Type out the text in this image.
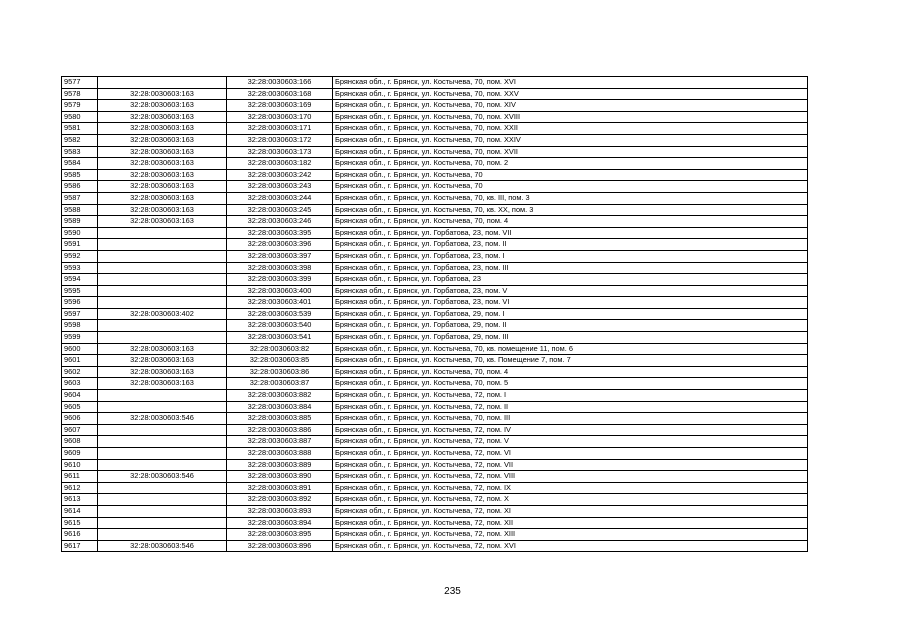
9577		32:28:0030603:166	Брянская обл., г. Брянск, ул. Костычева, 70, пом. XVI
9578	32:28:0030603:163	32:28:0030603:168	Брянская обл., г. Брянск, ул. Костычева, 70, пом. XXV
9579	32:28:0030603:163	32:28:0030603:169	Брянская обл., г. Брянск, ул. Костычева, 70, пом. XIV
9580	32:28:0030603:163	32:28:0030603:170	Брянская обл., г. Брянск, ул. Костычева, 70, пом. XVIII
9581	32:28:0030603:163	32:28:0030603:171	Брянская обл., г. Брянск, ул. Костычева, 70, пом. XXII
9582	32:28:0030603:163	32:28:0030603:172	Брянская обл., г. Брянск, ул. Костычева, 70, пом. XXIV
9583	32:28:0030603:163	32:28:0030603:173	Брянская обл., г. Брянск, ул. Костычева, 70, пом. XVII
9584	32:28:0030603:163	32:28:0030603:182	Брянская обл., г. Брянск, ул. Костычева, 70, пом. 2
9585	32:28:0030603:163	32:28:0030603:242	Брянская обл., г. Брянск, ул. Костычева, 70
9586	32:28:0030603:163	32:28:0030603:243	Брянская обл., г. Брянск, ул. Костычева, 70
9587	32:28:0030603:163	32:28:0030603:244	Брянская обл., г. Брянск, ул. Костычева, 70, кв. III, пом. 3
9588	32:28:0030603:163	32:28:0030603:245	Брянская обл., г. Брянск, ул. Костычева, 70, кв. XX, пом. 3
9589	32:28:0030603:163	32:28:0030603:246	Брянская обл., г. Брянск, ул. Костычева, 70, пом. 4
9590		32:28:0030603:395	Брянская обл., г. Брянск, ул. Горбатова, 23, пом. VII
9591		32:28:0030603:396	Брянская обл., г. Брянск, ул. Горбатова, 23, пом. II
9592		32:28:0030603:397	Брянская обл., г. Брянск, ул. Горбатова, 23, пом. I
9593		32:28:0030603:398	Брянская обл., г. Брянск, ул. Горбатова, 23, пом. III
9594		32:28:0030603:399	Брянская обл., г. Брянск, ул. Горбатова, 23
9595		32:28:0030603:400	Брянская обл., г. Брянск, ул. Горбатова, 23, пом. V
9596		32:28:0030603:401	Брянская обл., г. Брянск, ул. Горбатова, 23, пом. VI
9597	32:28:0030603:402	32:28:0030603:539	Брянская обл., г. Брянск, ул. Горбатова, 29, пом. I
9598		32:28:0030603:540	Брянская обл., г. Брянск, ул. Горбатова, 29, пом. II
9599		32:28:0030603:541	Брянская обл., г. Брянск, ул. Горбатова, 29, пом. III
9600	32:28:0030603:163	32:28:0030603:82	Брянская обл., г. Брянск, ул. Костычева, 70, кв. помещение 11, пом. 6
9601	32:28:0030603:163	32:28:0030603:85	Брянская обл., г. Брянск, ул. Костычева, 70, кв. Помещение 7, пом. 7
9602	32:28:0030603:163	32:28:0030603:86	Брянская обл., г. Брянск, ул. Костычева, 70, пом. 4
9603	32:28:0030603:163	32:28:0030603:87	Брянская обл., г. Брянск, ул. Костычева, 70, пом. 5
9604		32:28:0030603:882	Брянская обл., г. Брянск, ул. Костычева, 72, пом. I
9605		32:28:0030603:884	Брянская обл., г. Брянск, ул. Костычева, 72, пом. II
9606	32:28:0030603:546	32:28:0030603:885	Брянская обл., г. Брянск, ул. Костычева, 70, пом. III
9607		32:28:0030603:886	Брянская обл., г. Брянск, ул. Костычева, 72, пом. IV
9608		32:28:0030603:887	Брянская обл., г. Брянск, ул. Костычева, 72, пом. V
9609		32:28:0030603:888	Брянская обл., г. Брянск, ул. Костычева, 72, пом. VI
9610		32:28:0030603:889	Брянская обл., г. Брянск, ул. Костычева, 72, пом. VII
9611	32:28:0030603:546	32:28:0030603:890	Брянская обл., г. Брянск, ул. Костычева, 72, пом. VIII
9612		32:28:0030603:891	Брянская обл., г. Брянск, ул. Костычева, 72, пом. IX
9613		32:28:0030603:892	Брянская обл., г. Брянск, ул. Костычева, 72, пом. X
9614		32:28:0030603:893	Брянская обл., г. Брянск, ул. Костычева, 72, пом. XI
9615		32:28:0030603:894	Брянская обл., г. Брянск, ул. Костычева, 72, пом. XII
9616		32:28:0030603:895	Брянская обл., г. Брянск, ул. Костычева, 72, пом. XIII
9617	32:28:0030603:546	32:28:0030603:896	Брянская обл., г. Брянск, ул. Костычева, 72, пом. XVI
235
